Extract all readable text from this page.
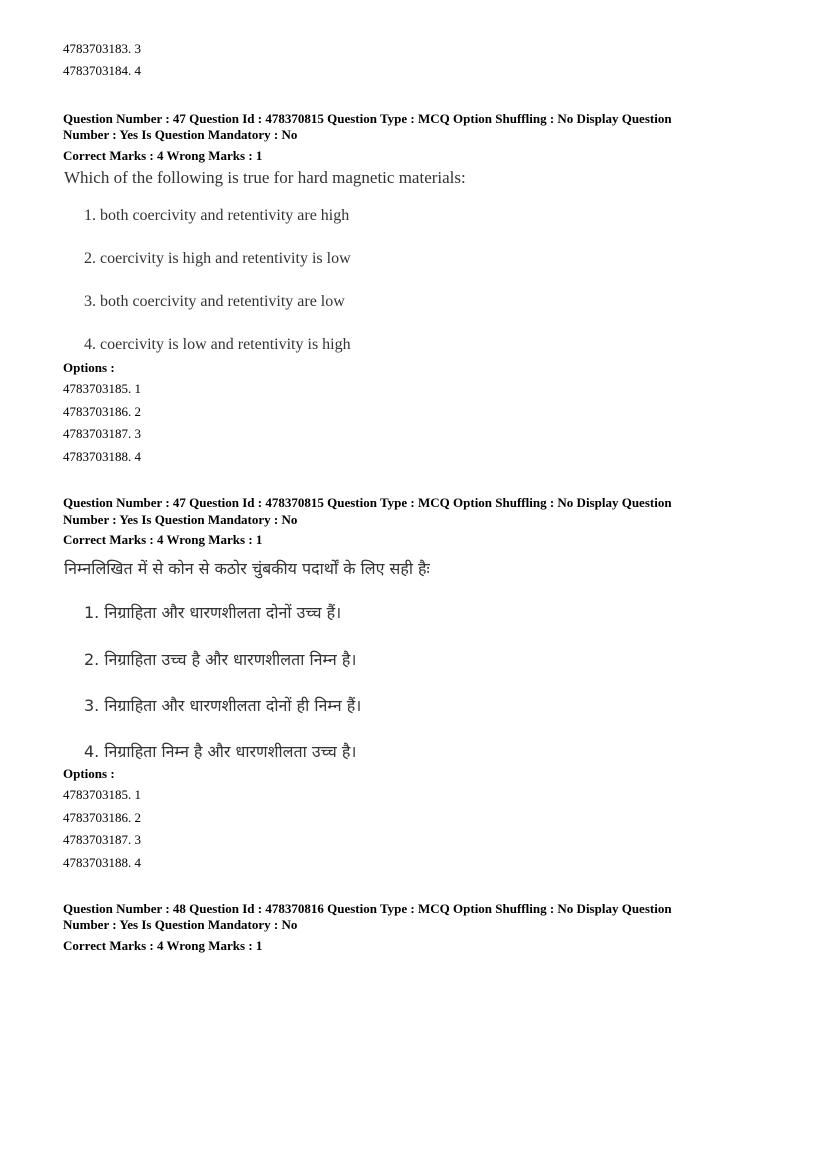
4783703183. 3
4783703184. 4
Question Number : 47 Question Id : 478370815 Question Type : MCQ Option Shuffling : No Display Question
Number : Yes Is Question Mandatory : No
Correct Marks : 4 Wrong Marks : 1
Which of the following is true for hard magnetic materials:
1. both coercivity and retentivity are high
2. coercivity is high and retentivity is low
3. both coercivity and retentivity are low
4. coercivity is low and retentivity is high
Options :
4783703185. 1
4783703186. 2
4783703187. 3
4783703188. 4
Question Number : 47 Question Id : 478370815 Question Type : MCQ Option Shuffling : No Display Question
Number : Yes Is Question Mandatory : No
Correct Marks : 4 Wrong Marks : 1
निम्नलिखित में से कोन से कठोर चुंबकीय पदार्थों के लिए सही हैः
1. निग्राहिता और धारणशीलता दोनों उच्च हैं।
2. निग्राहिता उच्च है और धारणशीलता निम्न है।
3. निग्राहिता और धारणशीलता दोनों ही निम्न हैं।
4. निग्राहिता निम्न है और धारणशीलता उच्च है।
Options :
4783703185. 1
4783703186. 2
4783703187. 3
4783703188. 4
Question Number : 48 Question Id : 478370816 Question Type : MCQ Option Shuffling : No Display Question
Number : Yes Is Question Mandatory : No
Correct Marks : 4 Wrong Marks : 1
